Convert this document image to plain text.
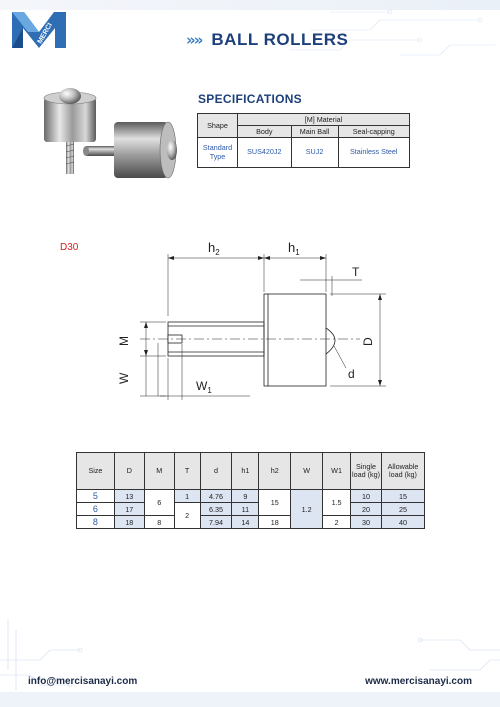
MERCI	»» BALL ROLLERS
SPECIFICATIONS
Shape	[M] Material		
	Body	Main Ball	Seal-capping
Standard Type	SUS420J2	SUJ2	Stainless Steel
D30	$h_2$	$h_1$
T
D
M
W
$W_1$
d
Size	D	M	T	d	h1	h2	W	W1	Single load (kg)	Allowable load (kg)
5	13	6	1	4.76	9	15	1.2	1.5	10	15
6	17		2	6.35	11				20	25
8	18	8		7.94	14	18		2	30	40
info@mercisanayi.com	www.mercisanayi.com
